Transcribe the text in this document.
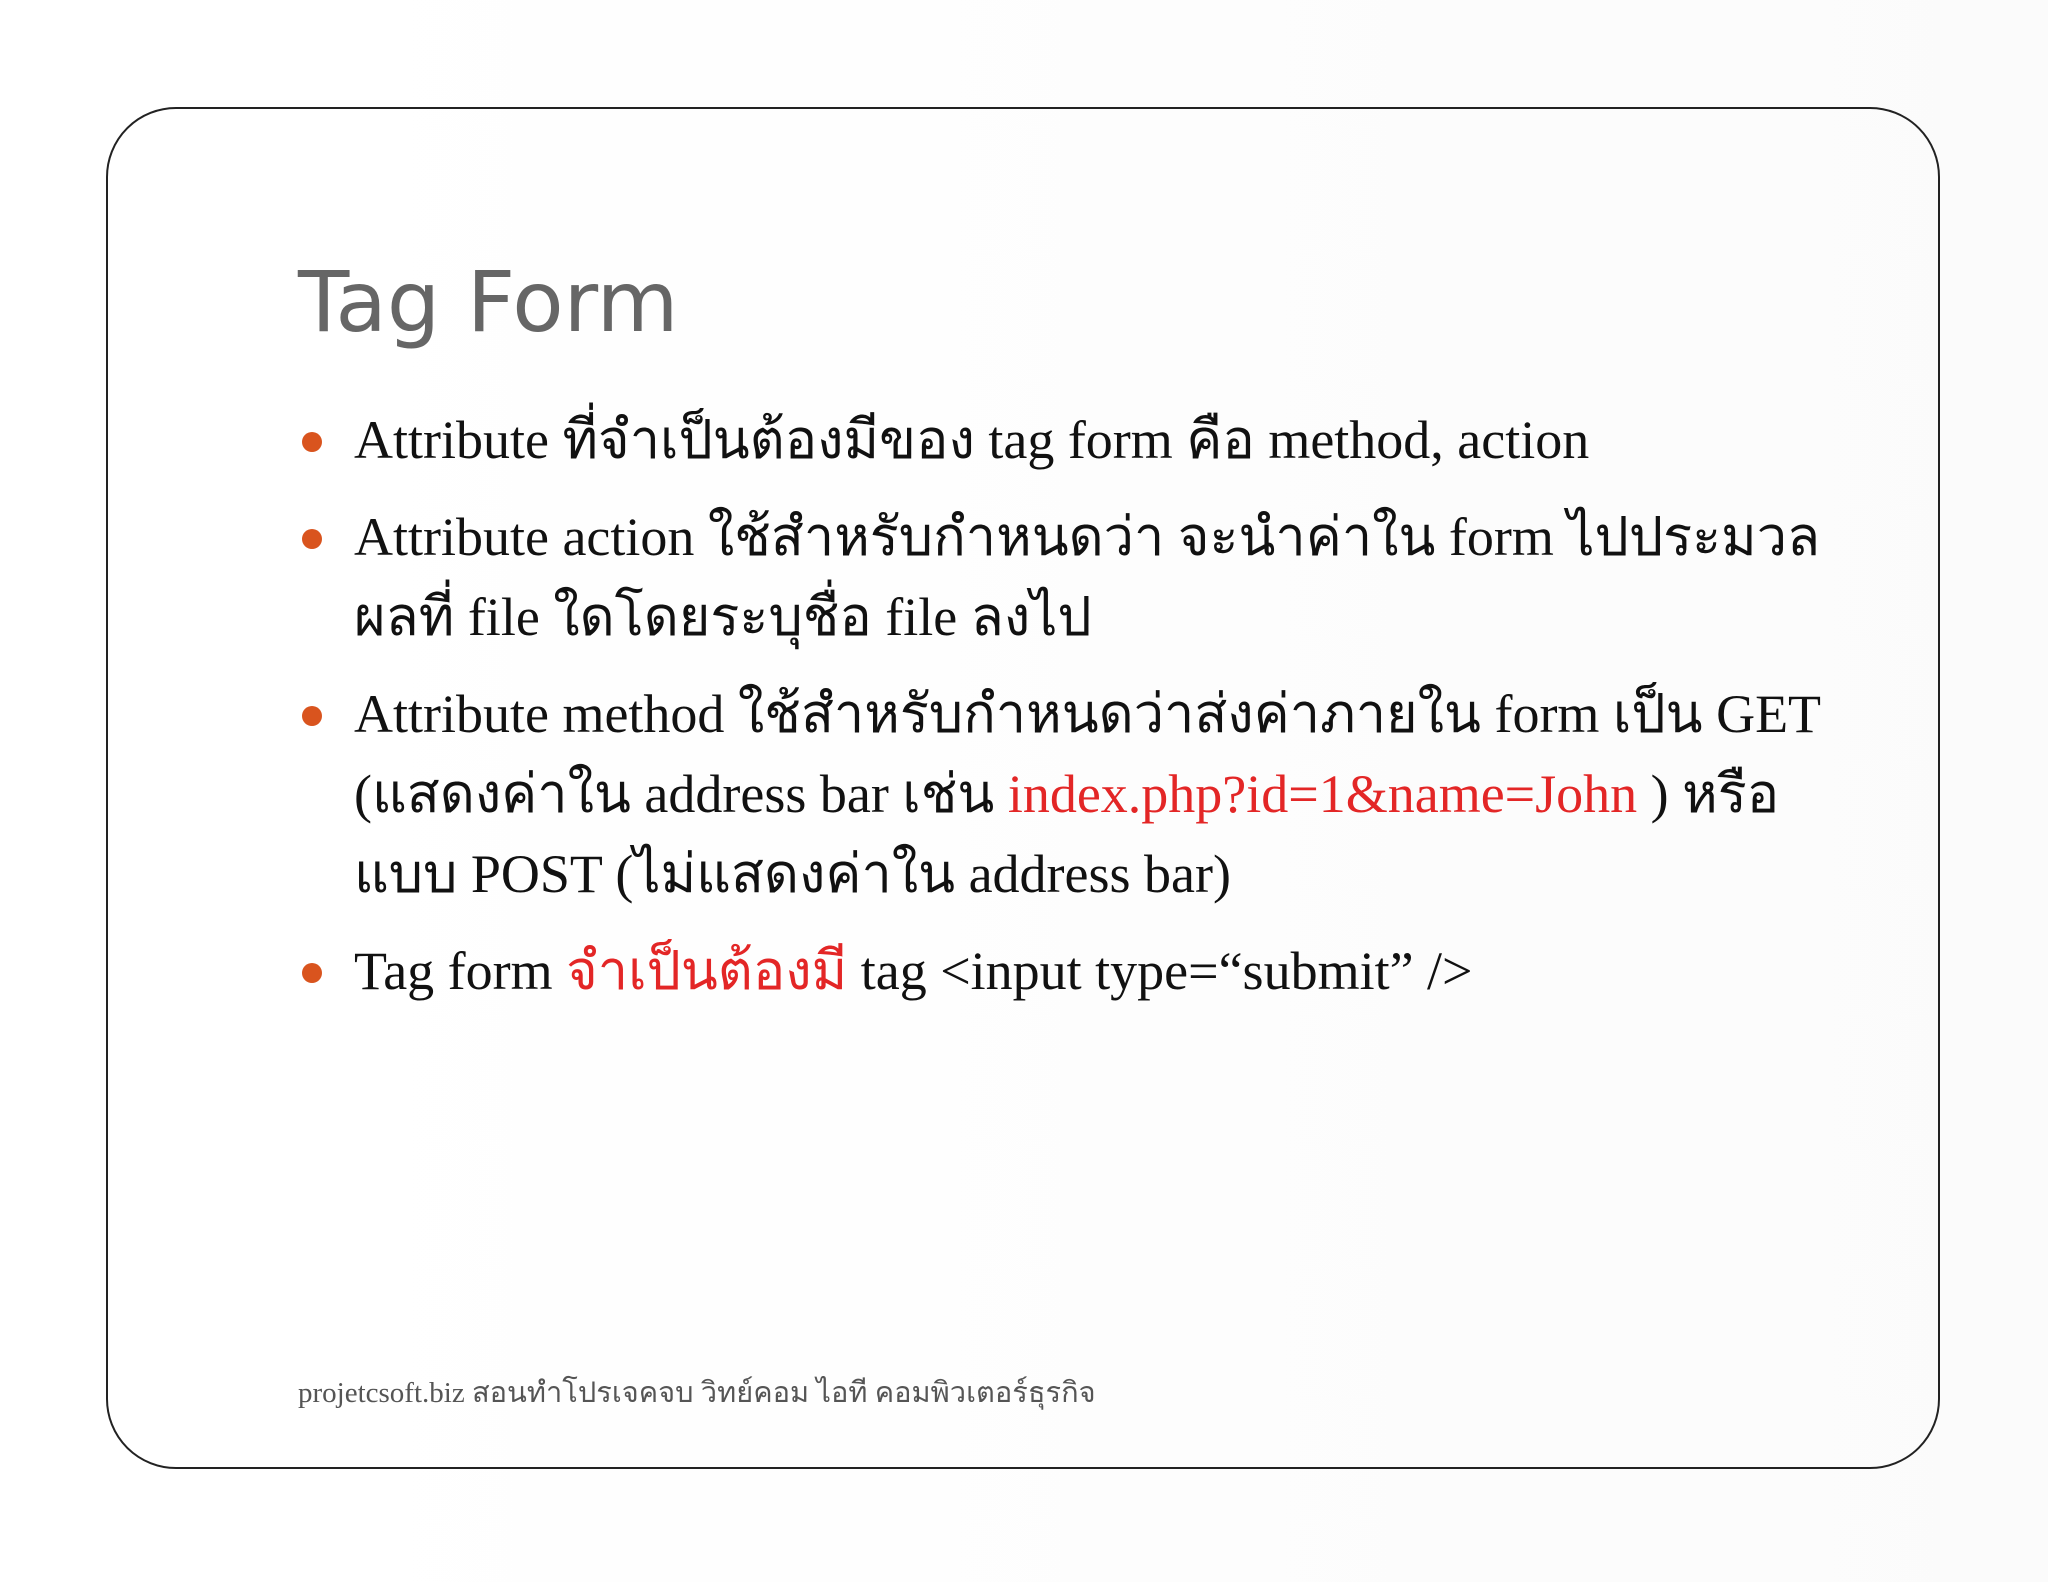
Tag Form
Attribute ที่จำเป็นต้องมีของ tag form คือ method, action
Attribute action ใช้สำหรับกำหนดว่า จะนำค่าใน form ไปประมวลผลที่ file ใดโดยระบุชื่อ file ลงไป
Attribute method ใช้สำหรับกำหนดว่าส่งค่าภายใน form เป็น GET (แสดงค่าใน address bar เช่น index.php?id=1&name=John ) หรือ แบบ POST (ไม่แสดงค่าใน address bar)
Tag form จำเป็นต้องมี tag <input type=“submit” />
projetcsoft.biz สอนทำโปรเจคจบ วิทย์คอม ไอที คอมพิวเตอร์ธุรกิจ
